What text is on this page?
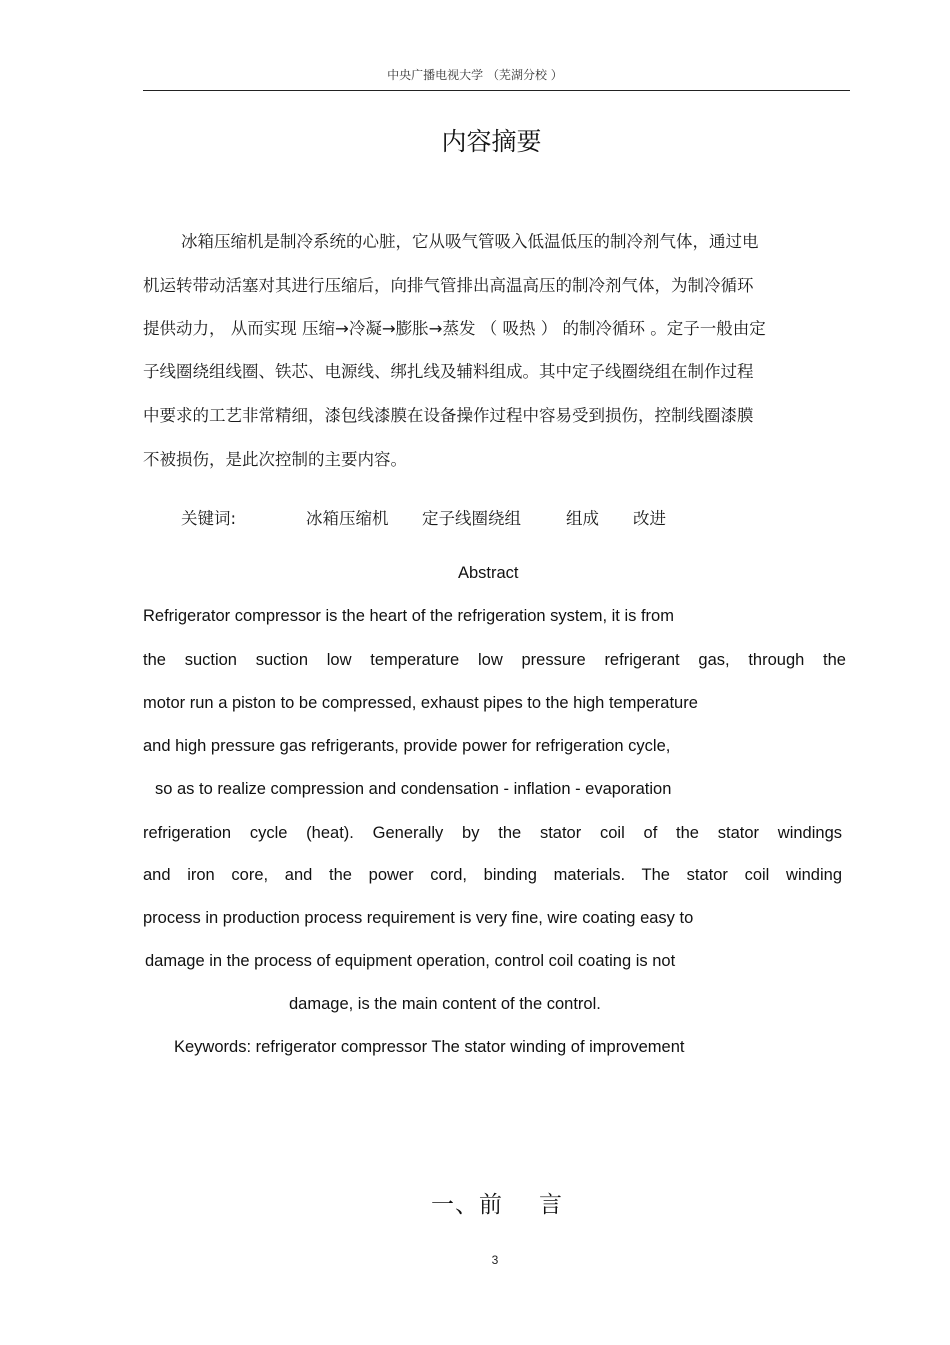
中央广播电视大学 （芜湖分校 ）
内容摘要

冰箱压缩机是制冷系统的心脏，它从吸气管吸入低温低压的制冷剂气体，通过电

机运转带动活塞对其进行压缩后，向排气管排出高温高压的制冷剂气体，为制冷循环

提供动力， 从而实现 压缩→冷凝→膨胀→蒸发 （ 吸热 ） 的制冷循环 。定子一般由定

子线圈绕组线圈、铁芯、电源线、绑扎线及辅料组成。其中定子线圈绕组在制作过程

中要求的工艺非常精细，漆包线漆膜在设备操作过程中容易受到损伤，控制线圈漆膜

不被损伤，是此次控制的主要内容。

关键词:	冰箱压缩机 定子线圈绕组	组成 改进
Abstract

Refrigerator compressor is the heart of the refrigeration system, it is from

the suction suction low temperature low pressure refrigerant gas, through the

motor run a piston to be compressed, exhaust pipes to the high temperature

and high pressure gas refrigerants, provide power for refrigeration cycle,

so as to realize compression and condensation - inflation - evaporation

refrigeration cycle (heat). Generally by the stator coil of the stator windings

and iron core, and the power cord, binding materials. The stator coil winding

process in production process requirement is very fine, wire coating easy to

damage in the process of equipment operation, control coil coating is not

damage, is the main content of the control.

Keywords: refrigerator compressor The stator winding of improvement

一、前 言
3
